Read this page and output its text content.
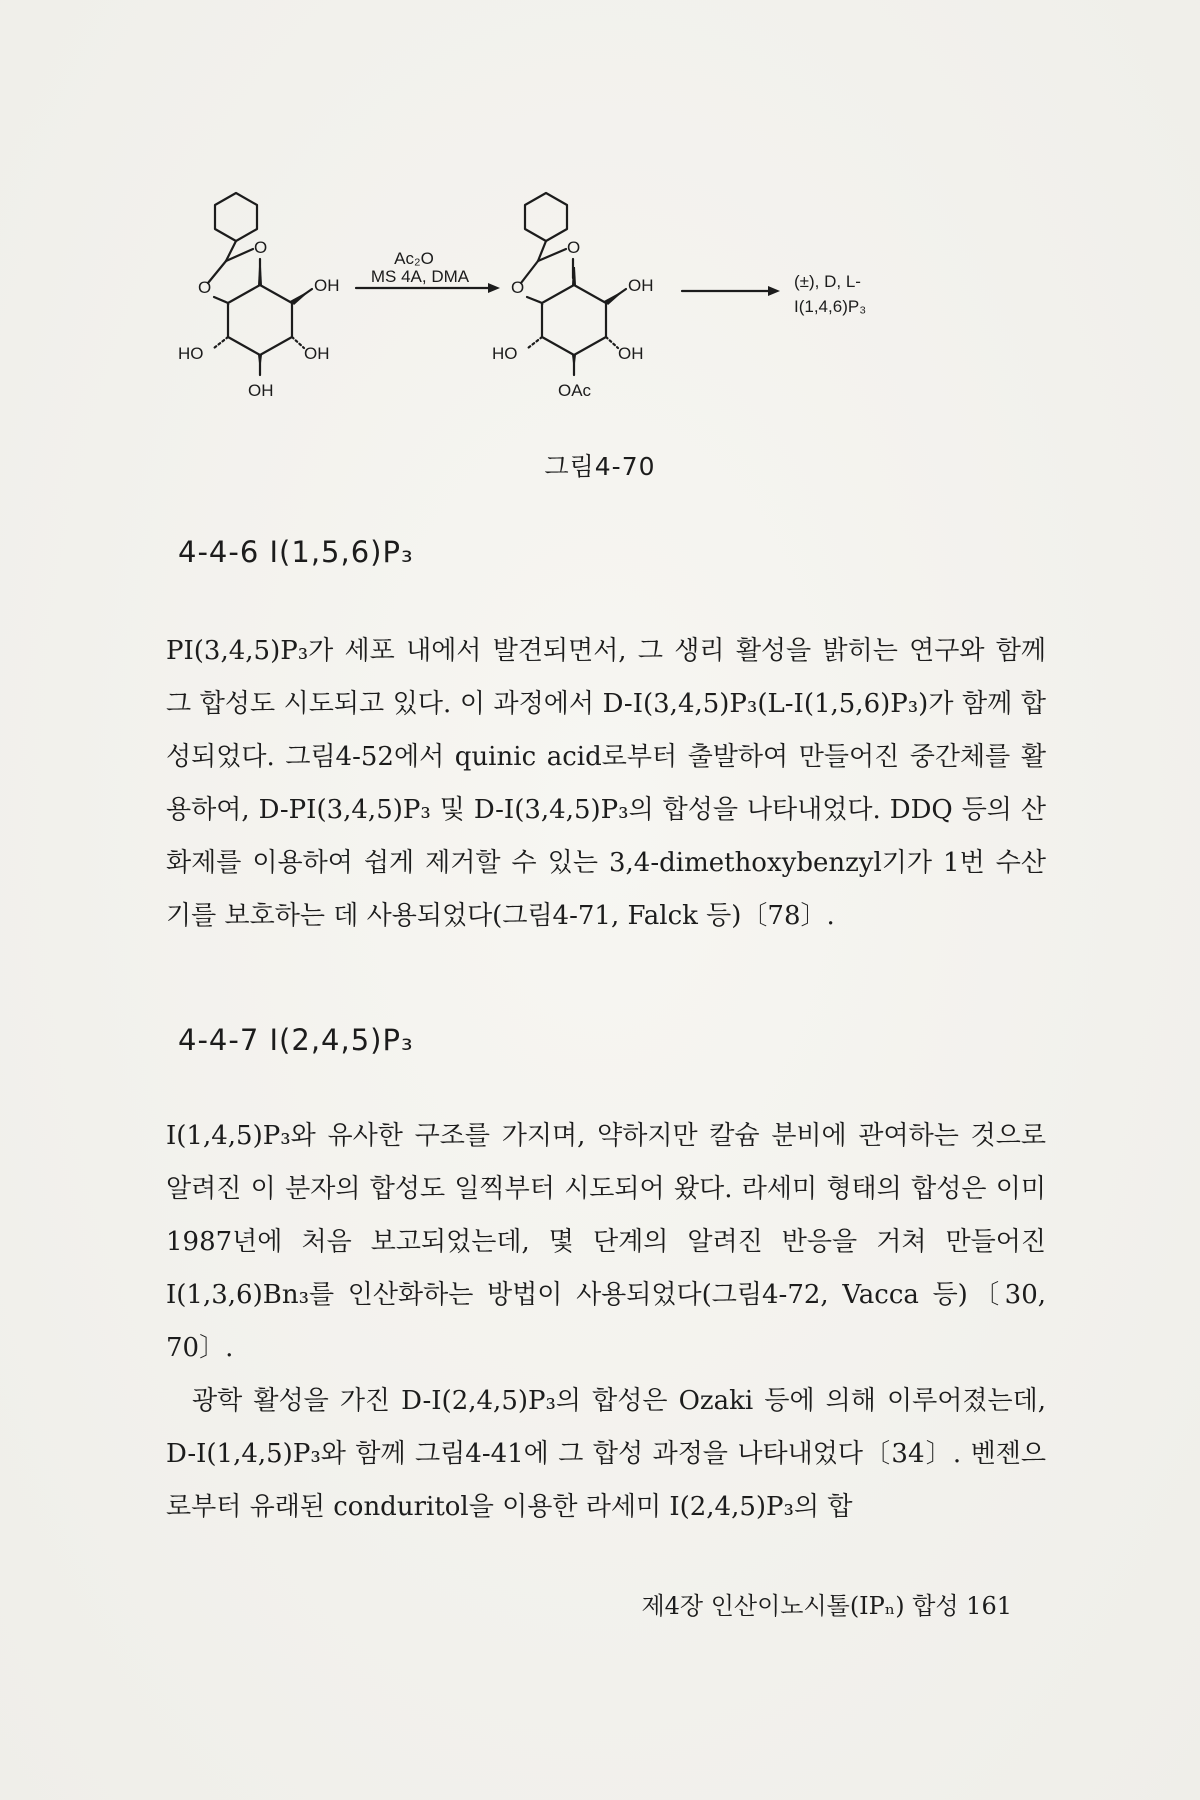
O
O	OH
OH
HO
OH
Ac₂O
MS 4A, DMA
O
O	OH
OH
HO
OAc
(±), D, L-
I(1,4,6)P₃
그림4-70
4-4-6 I(1,5,6)P₃

PI(3,4,5)P₃가 세포 내에서 발견되면서, 그 생리 활성을 밝히는 연구와 함께 그 합성도 시도되고 있다. 이 과정에서 D-I(3,4,5)P₃(L-I(1,5,6)P₃)가 함께 합성되었다. 그림4-52에서 quinic acid로부터 출발하여 만들어진 중간체를 활용하여, D-PI(3,4,5)P₃ 및 D-I(3,4,5)P₃의 합성을 나타내었다. DDQ 등의 산화제를 이용하여 쉽게 제거할 수 있는 3,4-dimethoxybenzyl기가 1번 수산기를 보호하는 데 사용되었다(그림4-71, Falck 등)〔78〕.

4-4-7 I(2,4,5)P₃

I(1,4,5)P₃와 유사한 구조를 가지며, 약하지만 칼슘 분비에 관여하는 것으로 알려진 이 분자의 합성도 일찍부터 시도되어 왔다. 라세미 형태의 합성은 이미 1987년에 처음 보고되었는데, 몇 단계의 알려진 반응을 거쳐 만들어진 I(1,3,6)Bn₃를 인산화하는 방법이 사용되었다(그림4-72, Vacca 등)〔30, 70〕.

광학 활성을 가진 D-I(2,4,5)P₃의 합성은 Ozaki 등에 의해 이루어졌는데, D-I(1,4,5)P₃와 함께 그림4-41에 그 합성 과정을 나타내었다〔34〕. 벤젠으로부터 유래된 conduritol을 이용한 라세미 I(2,4,5)P₃의 합

제4장 인산이노시톨(IPₙ) 합성 161
